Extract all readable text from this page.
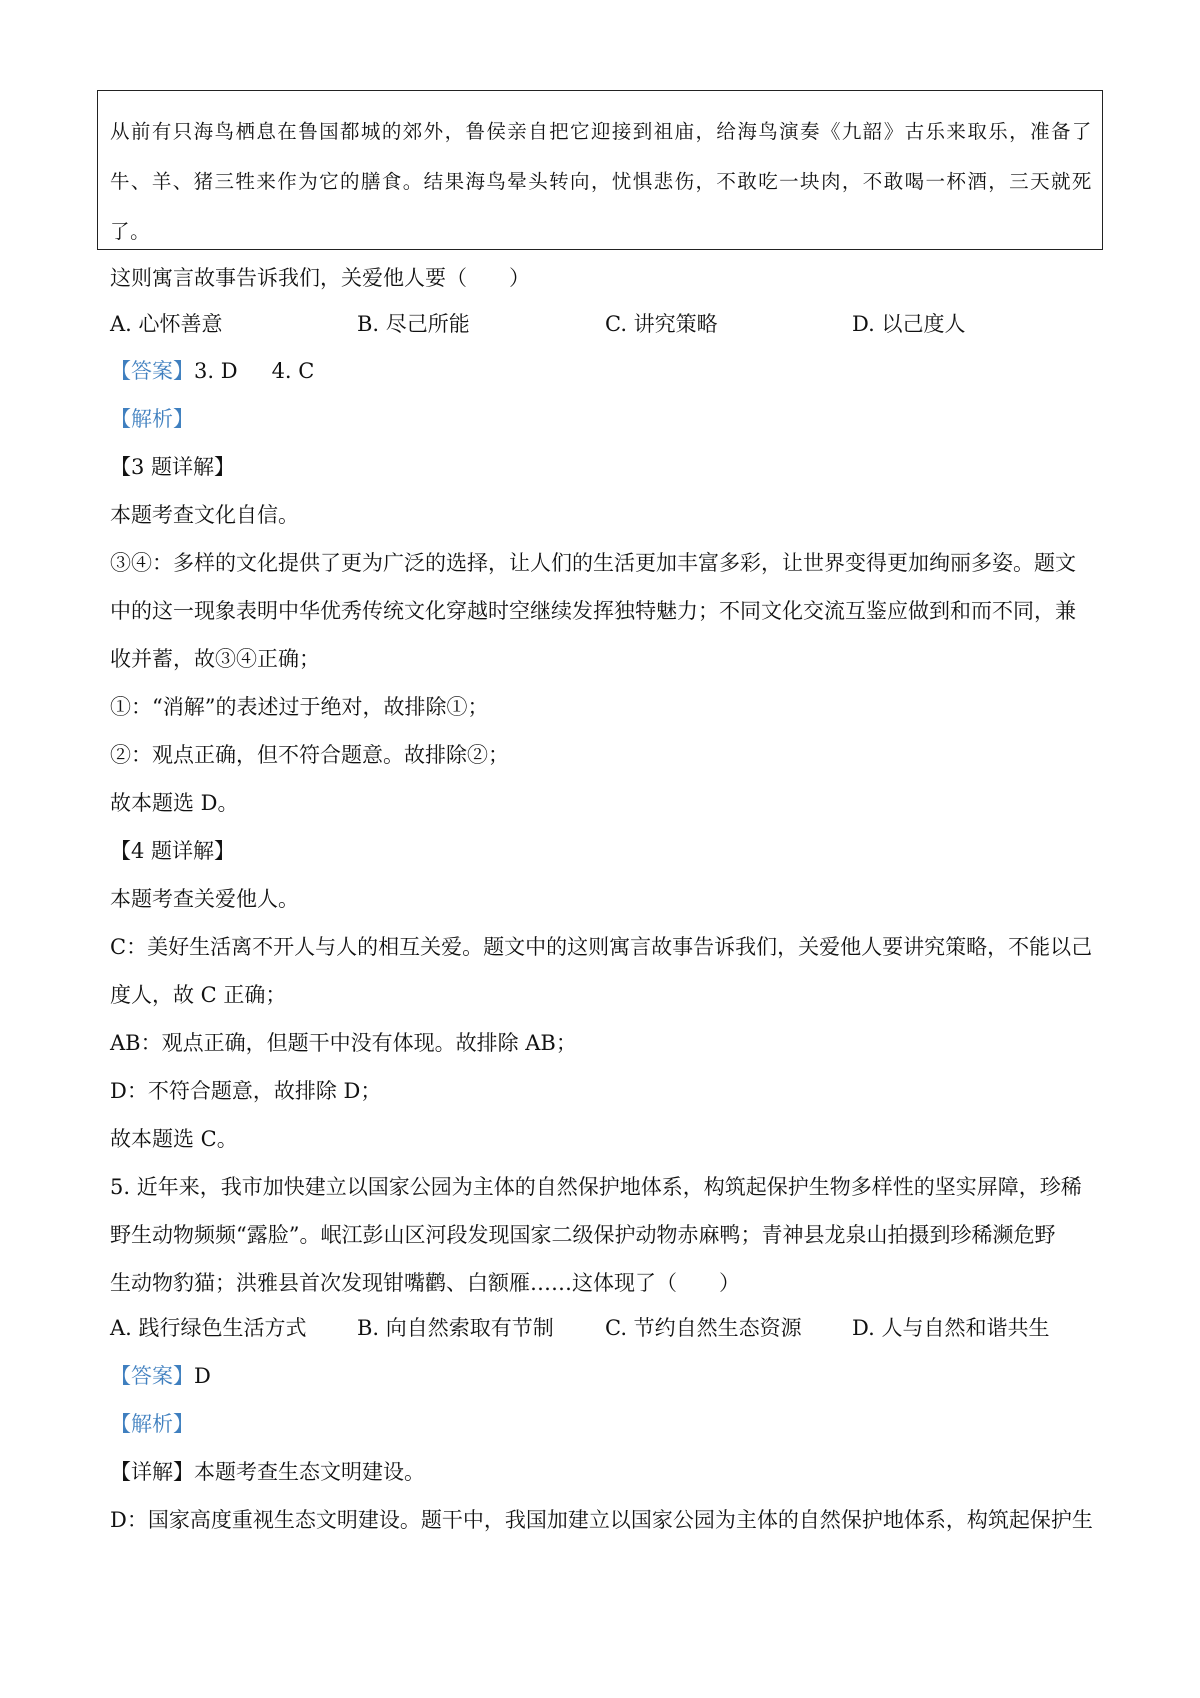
从前有只海鸟栖息在鲁国都城的郊外，鲁侯亲自把它迎接到祖庙，给海鸟演奏《九韶》古乐来取乐，准备了牛、羊、猪三牲来作为它的膳食。结果海鸟晕头转向，忧惧悲伤，不敢吃一块肉，不敢喝一杯酒，三天就死了。
这则寓言故事告诉我们，关爱他人要（　　）
A. 心怀善意	B. 尽己所能	C. 讲究策略	D. 以己度人
【答案】3. D 4. C
【解析】
【3 题详解】
本题考查文化自信。
③④：多样的文化提供了更为广泛的选择，让人们的生活更加丰富多彩，让世界变得更加绚丽多姿。题文
中的这一现象表明中华优秀传统文化穿越时空继续发挥独特魅力；不同文化交流互鉴应做到和而不同，兼
收并蓄，故③④正确；
①：“消解”的表述过于绝对，故排除①；
②：观点正确，但不符合题意。故排除②；
故本题选 D。
【4 题详解】
本题考查关爱他人。
C：美好生活离不开人与人的相互关爱。题文中的这则寓言故事告诉我们，关爱他人要讲究策略，不能以己
度人，故 C 正确；
AB：观点正确，但题干中没有体现。故排除 AB；
D：不符合题意，故排除 D；
故本题选 C。
5. 近年来，我市加快建立以国家公园为主体的自然保护地体系，构筑起保护生物多样性的坚实屏障，珍稀
野生动物频频“露脸”。岷江彭山区河段发现国家二级保护动物赤麻鸭；青神县龙泉山拍摄到珍稀濒危野
生动物豹猫；洪雅县首次发现钳嘴鹳、白额雁……这体现了（　　）
A. 践行绿色生活方式 B. 向自然索取有节制 C. 节约自然生态资源 D. 人与自然和谐共生
【答案】D
【解析】
【详解】本题考查生态文明建设。
D：国家高度重视生态文明建设。题干中，我国加建立以国家公园为主体的自然保护地体系，构筑起保护生
